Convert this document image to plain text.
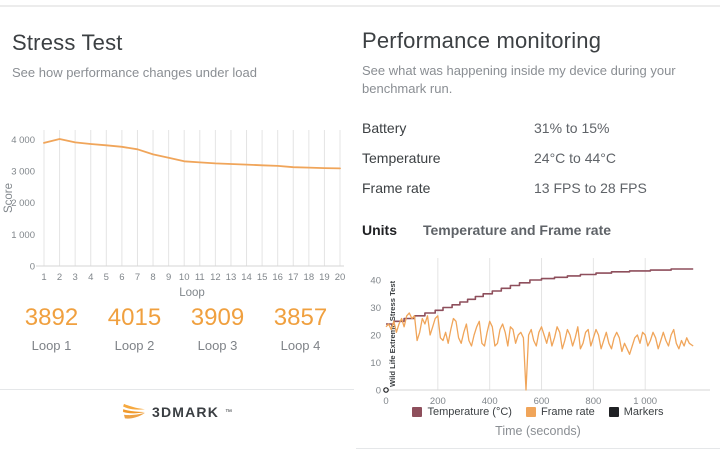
Stress Test
See how performance changes under load
0
1 000
2 000
3 000
4 000
1 2 3 4 5 6 7 8 9 10 11 12 13 14 15 16 17 18 19 20
Loop
Score
3892
Loop 1
4015
Loop 2
3909
Loop 3
3857
Loop 4
3DMARK ™
Performance monitoring
See what was happening inside my device during your benchmark run.
Battery	31% to 15%
Temperature	24°C to 44°C
Frame rate	13 FPS to 28 FPS
Units Temperature and Frame rate
0
10
20
30
40
0	200	400	600	800	1 000
Wild Life Extreme Stress Test
Temperature (°C)	Frame rate	Markers
Time (seconds)
